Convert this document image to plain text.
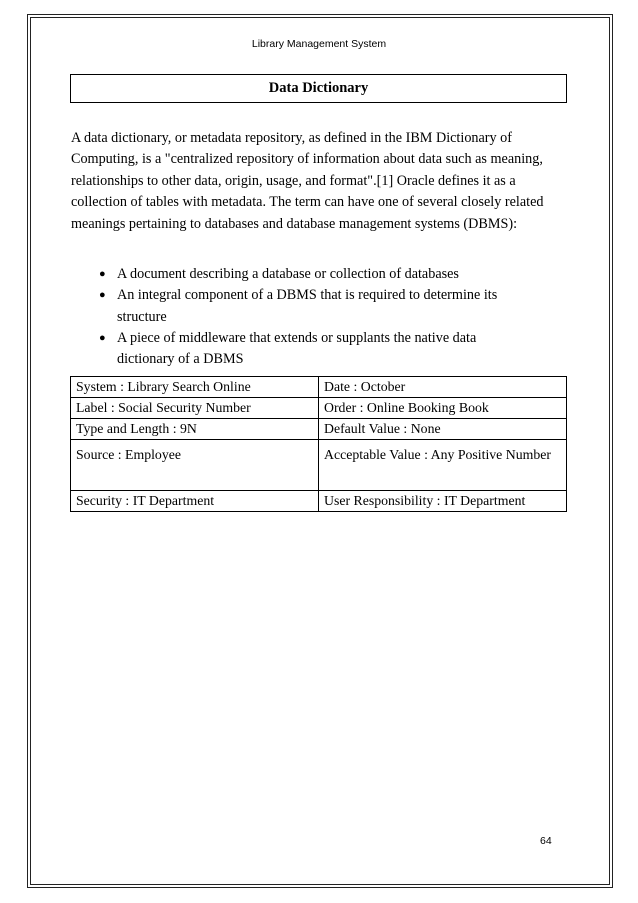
Library Management System
Data Dictionary

A data dictionary, or metadata repository, as defined in the IBM Dictionary of Computing, is a "centralized repository of information about data such as meaning, relationships to other data, origin, usage, and format".[1] Oracle defines it as a collection of tables with metadata. The term can have one of several closely related meanings pertaining to databases and database management systems (DBMS):

● A document describing a database or collection of databases
● An integral component of a DBMS that is required to determine its structure
● A piece of middleware that extends or supplants the native data dictionary of a DBMS
System : Library Search Online	Date : October
Label : Social Security Number	Order : Online Booking Book
Type and Length : 9N	Default Value : None
Source : Employee	Acceptable Value : Any Positive Number
Security : IT Department	User Responsibility : IT Department
64
